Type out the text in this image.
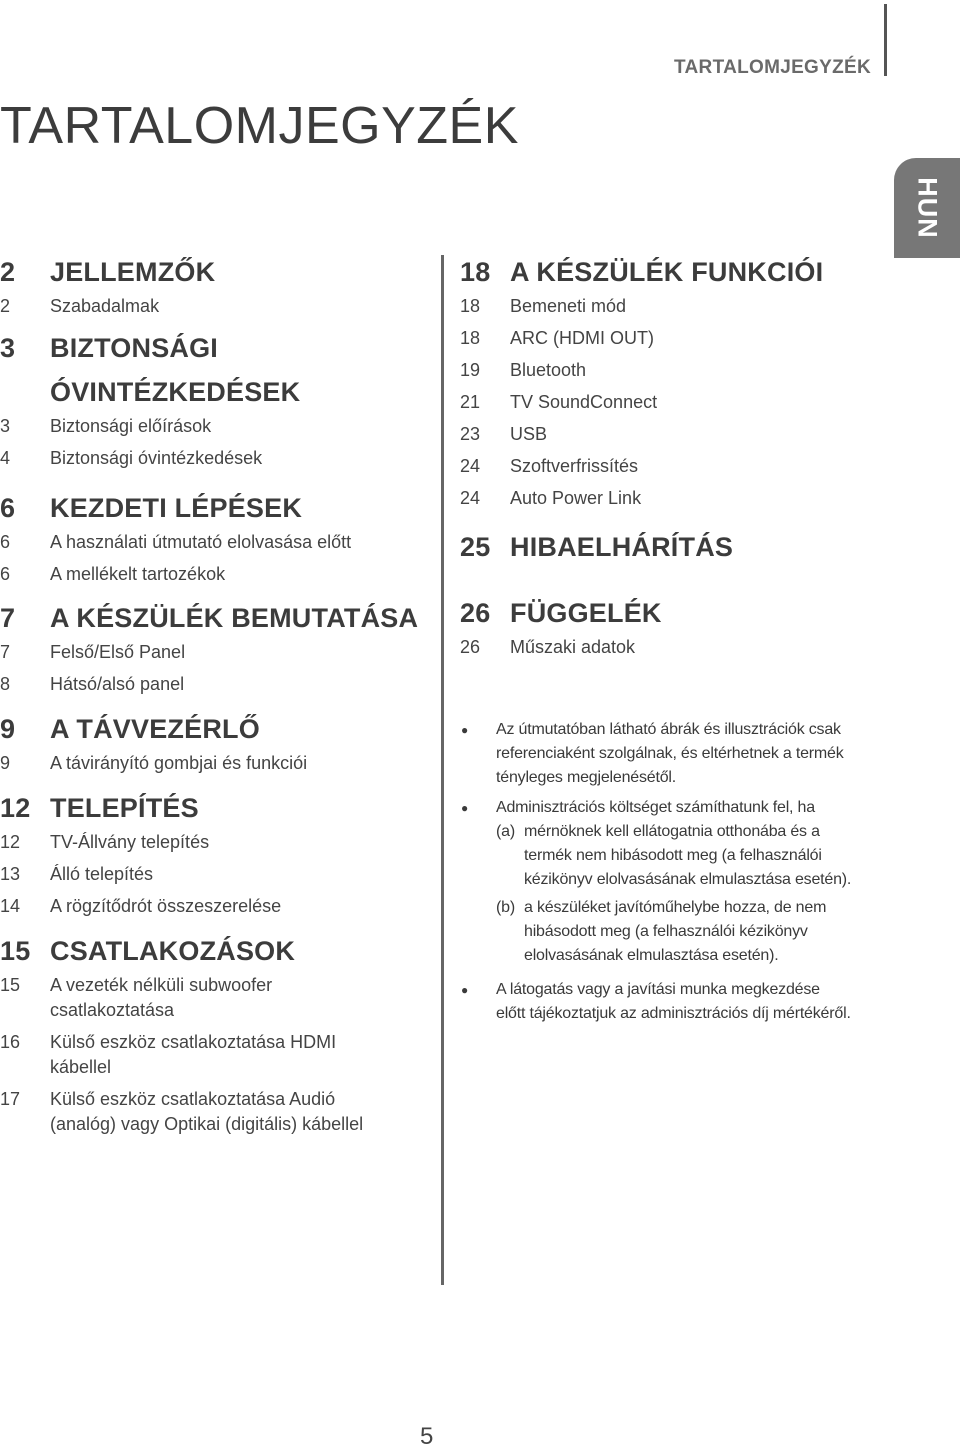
TARTALOMJEGYZÉK
TARTALOMJEGYZÉK
HUN
2	JELLEMZŐK
2	Szabadalmak
3	BIZTONSÁGI
ÓVINTÉZKEDÉSEK
3	Biztonsági előírások
4	Biztonsági óvintézkedések
6	KEZDETI LÉPÉSEK
6	A használati útmutató elolvasása előtt
6	A mellékelt tartozékok
7	A KÉSZÜLÉK BEMUTATÁSA
7	Felső/Első Panel
8	Hátsó/alsó panel
9	A TÁVVEZÉRLŐ
9	A távirányító gombjai és funkciói
12 TELEPÍTÉS
12	TV-Állvány telepítés
13	Álló telepítés
14	A rögzítődrót összeszerelése
15 CSATLAKOZÁSOK
15	A vezeték nélküli subwoofer
csatlakoztatása
16	Külső eszköz csatlakoztatása HDMI
kábellel
17	Külső eszköz csatlakoztatása Audió
(analóg) vagy Optikai (digitális) kábellel
18 A KÉSZÜLÉK FUNKCIÓI
18	Bemeneti mód
18	ARC (HDMI OUT)
19	Bluetooth
21	TV SoundConnect
23	USB
24	Szoftverfrissítés
24	Auto Power Link
25 HIBAELHÁRÍTÁS
26 FÜGGELÉK
26	Műszaki adatok
●	Az útmutatóban látható ábrák és illusztrációk csak
referenciaként szolgálnak, és eltérhetnek a termék
tényleges megjelenésétől.
●	Adminisztrációs költséget számíthatunk fel, ha
(a) mérnöknek kell ellátogatnia otthonába és a
termék nem hibásodott meg (a felhasználói
kézikönyv elolvasásának elmulasztása esetén).
(b) a készüléket javítóműhelybe hozza, de nem
hibásodott meg (a felhasználói kézikönyv
elolvasásának elmulasztása esetén).
●	A látogatás vagy a javítási munka megkezdése
előtt tájékoztatjuk az adminisztrációs díj mértékéről.
5
